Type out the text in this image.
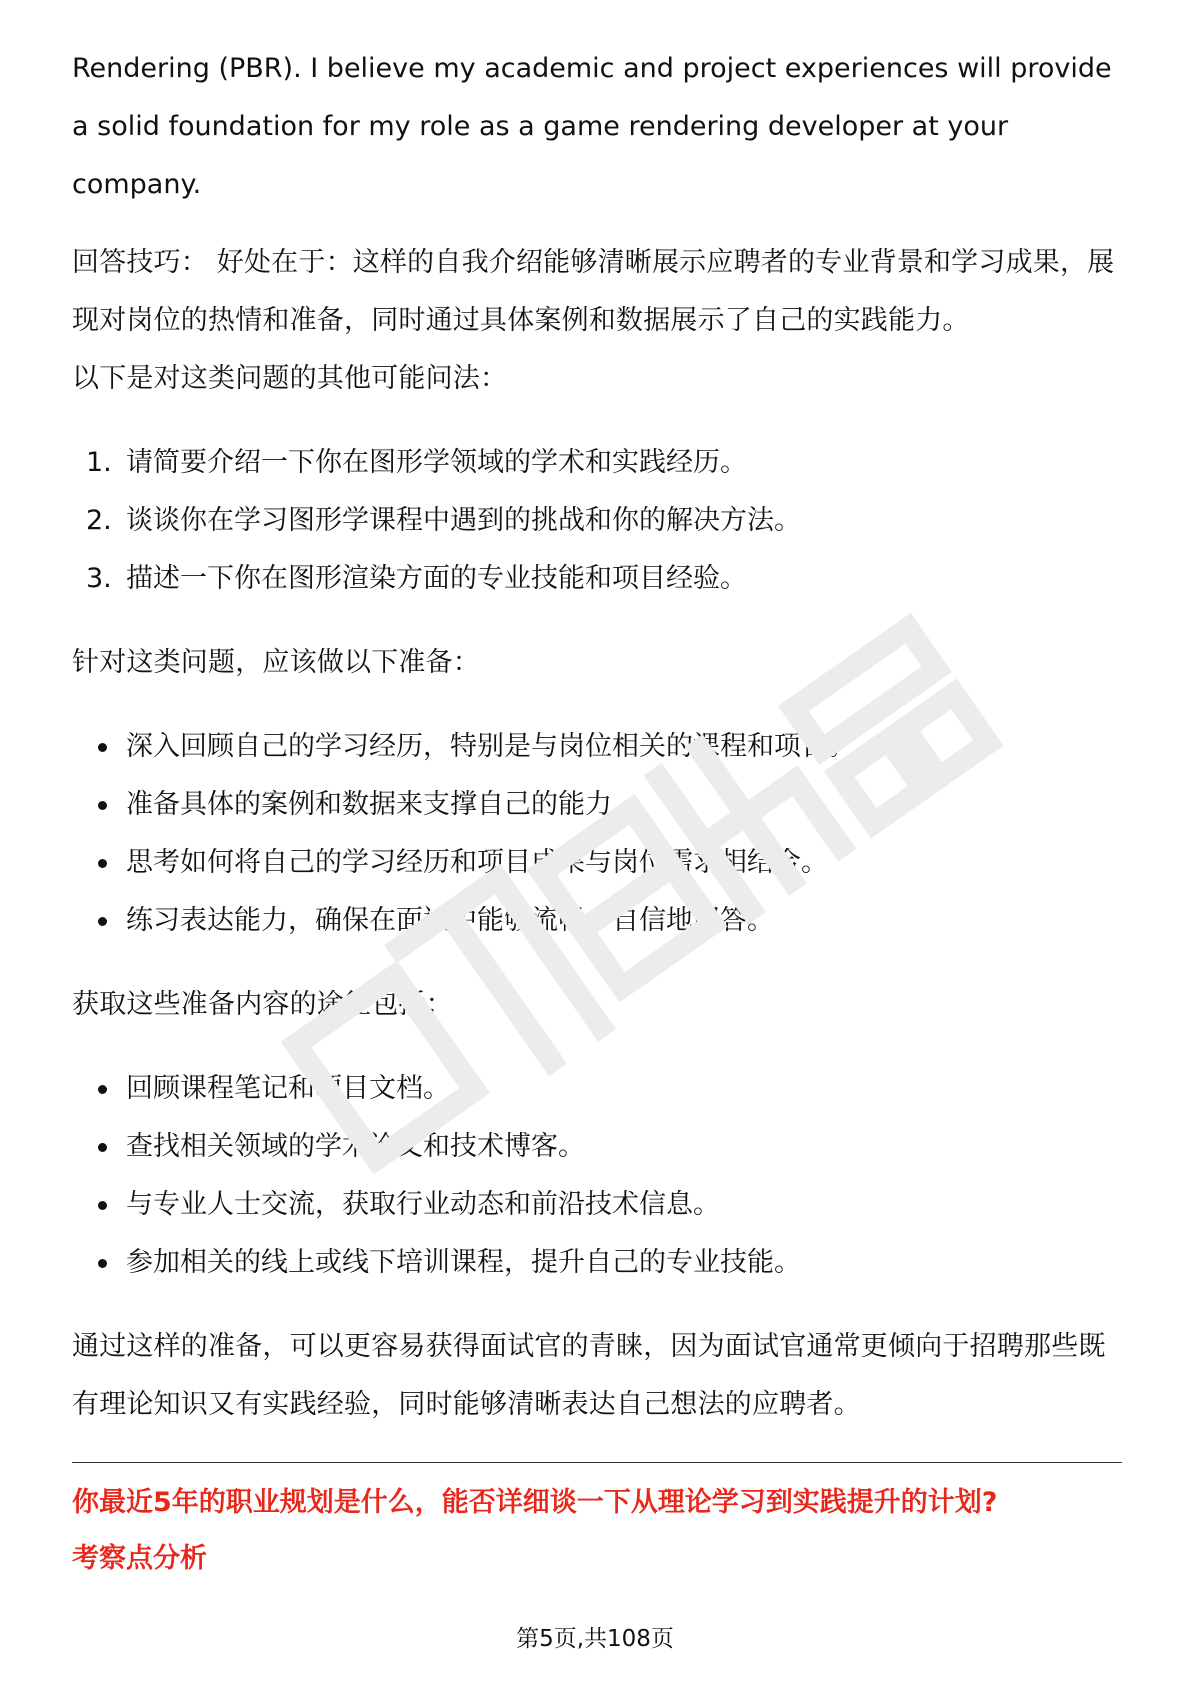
Rendering (PBR). I believe my academic and project experiences will provide a solid foundation for my role as a game rendering developer at your company.

回答技巧： 好处在于：这样的自我介绍能够清晰展示应聘者的专业背景和学习成果，展现对岗位的热情和准备，同时通过具体案例和数据展示了自己的实践能力。

以下是对这类问题的其他可能问法：

1. 请简要介绍一下你在图形学领域的学术和实践经历。
2. 谈谈你在学习图形学课程中遇到的挑战和你的解决方法。
3. 描述一下你在图形渲染方面的专业技能和项目经验。

针对这类问题，应该做以下准备：

深入回顾自己的学习经历，特别是与岗位相关的课程和项目。
准备具体的案例和数据来支撑自己的能力。
思考如何将自己的学习经历和项目成果与岗位需求相结合。
练习表达能力，确保在面试中能够流畅、自信地回答。

获取这些准备内容的途径包括：

回顾课程笔记和项目文档。
查找相关领域的学术论文和技术博客。
与专业人士交流，获取行业动态和前沿技术信息。
参加相关的线上或线下培训课程，提升自己的专业技能。

通过这样的准备，可以更容易获得面试官的青睐，因为面试官通常更倾向于招聘那些既有理论知识又有实践经验，同时能够清晰表达自己想法的应聘者。

你最近5年的职业规划是什么，能否详细谈一下从理论学习到实践提升的计划?

考察点分析

第5页,共108页
